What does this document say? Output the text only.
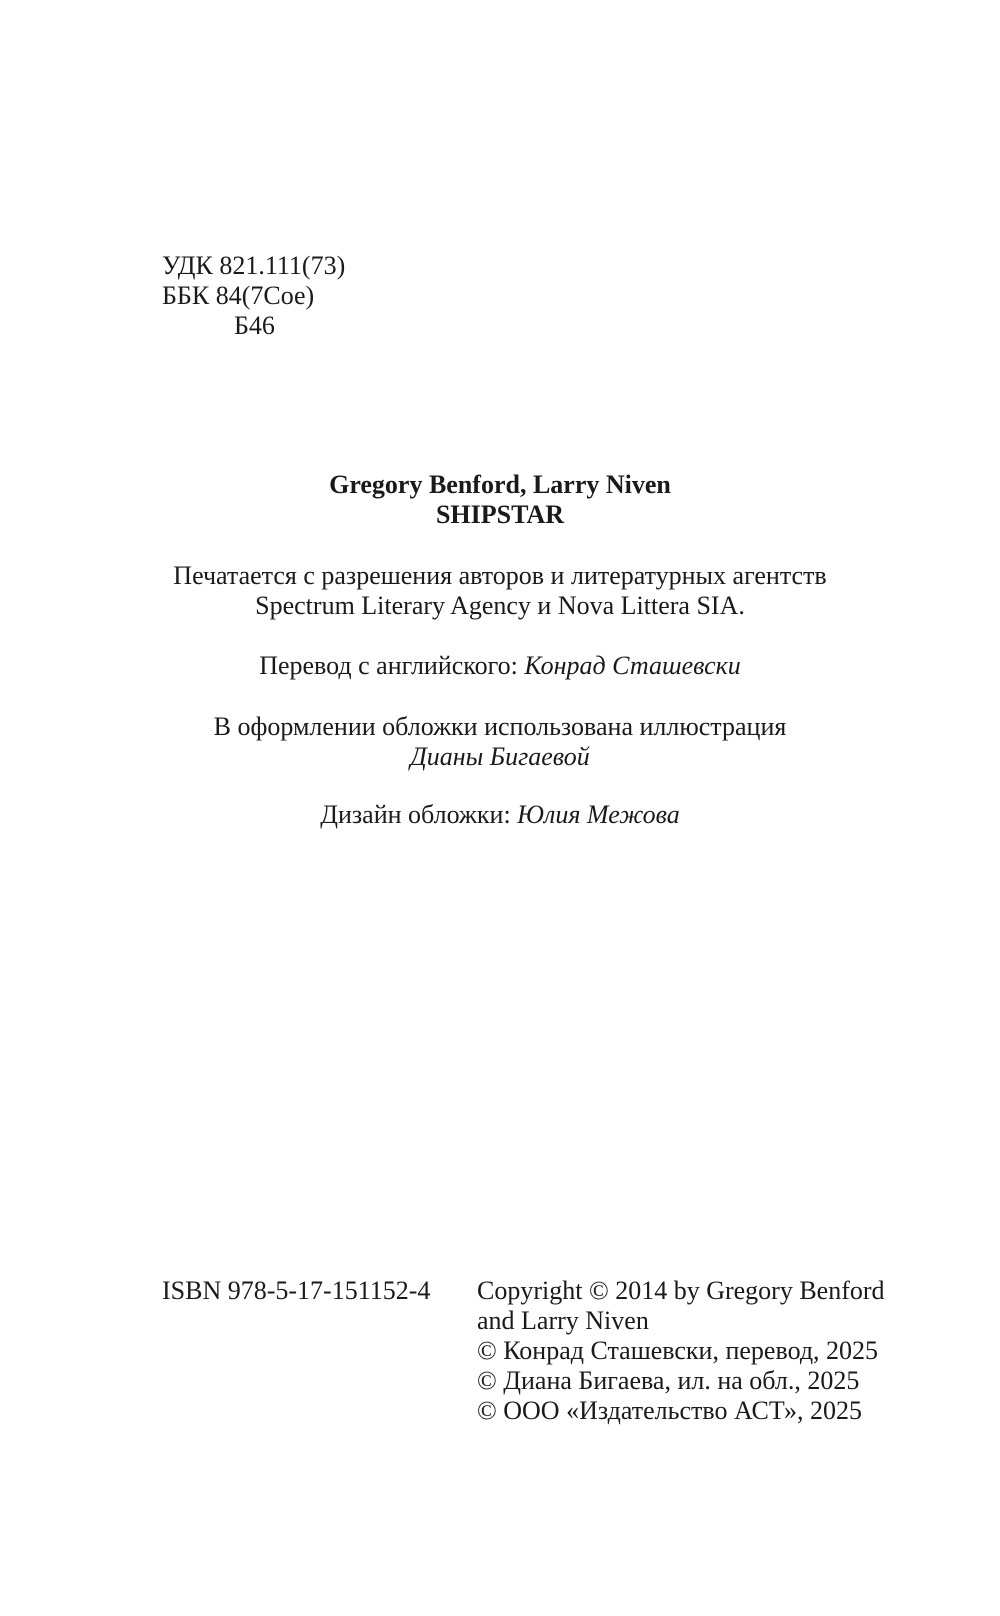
УДК 821.111(73)
ББК 84(7Сое)
Б46
Gregory Benford, Larry Niven
SHIPSTAR
Печатается с разрешения авторов и литературных агентств
Spectrum Literary Agency и Nova Littera SIA.
Перевод с английского: Конрад Сташевски
В оформлении обложки использована иллюстрация
Дианы Бигаевой
Дизайн обложки: Юлия Межова
ISBN 978-5-17-151152-4 Copyright © 2014 by Gregory Benford
and Larry Niven
© Конрад Сташевски, перевод, 2025
© Диана Бигаева, ил. на обл., 2025
© ООО «Издательство АСТ», 2025
